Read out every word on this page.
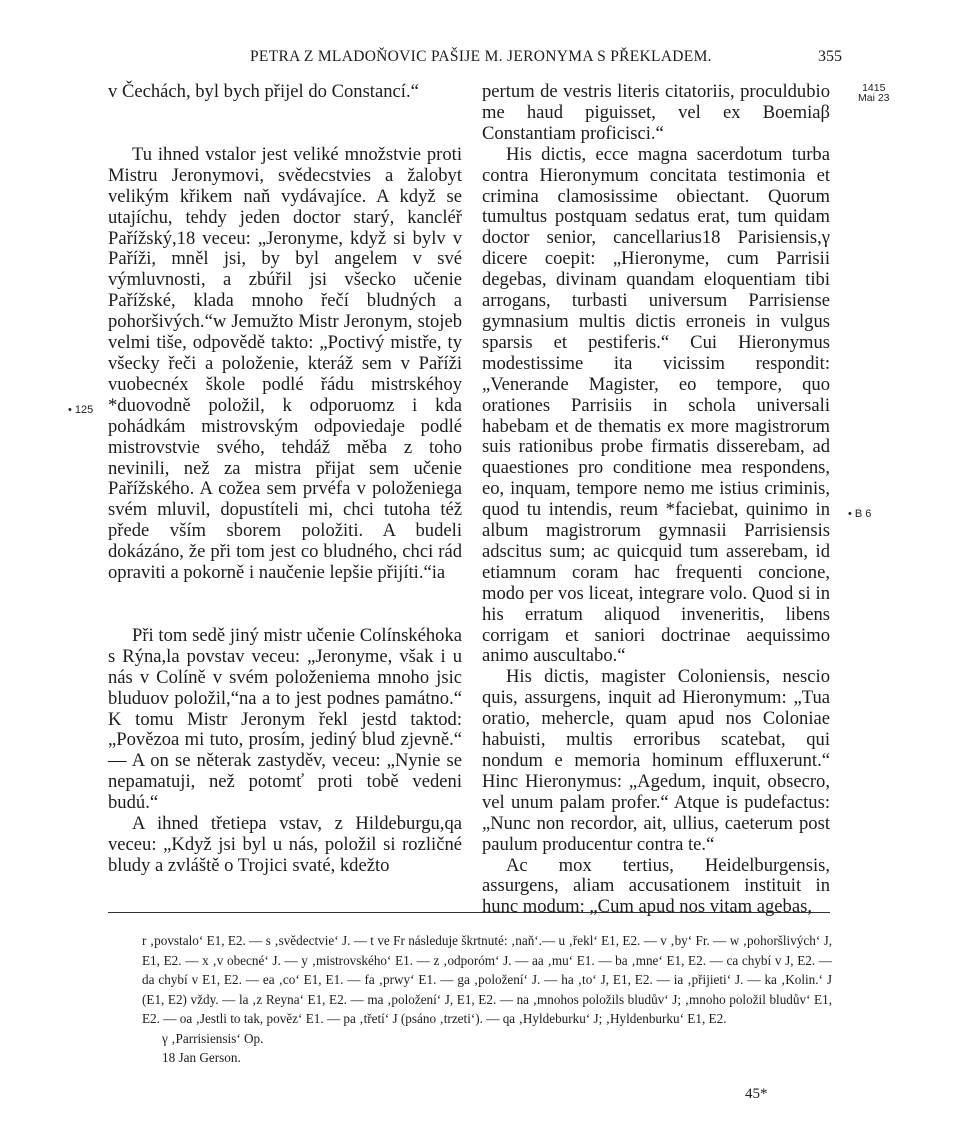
PETRA Z MLADOŇOVIC PAŠIJE M. JERONYMA S PŘEKLADEM.	355
1415
Mai 23
• 125
• B 6

v Čechách, byl bych přijel do Constancí.“

Tu ihned vstalor jest veliké množstvie proti Mistru Jeronymovi, svědecstvies a žalobyt velikým křikem naň vydávajíce. A když se utajíchu, tehdy jeden doctor starý, kancléř Pařížský,18 veceu: „Jeronyme, když si bylv v Paříži, mněl jsi, by byl angelem v své výmluvnosti, a zbúřil jsi všecko učenie Pařížské, klada mnoho řečí bludných a pohoršivých.“w Jemužto Mistr Jeronym, stojeb velmi tiše, odpovědě takto: „Poctivý mistře, ty všecky řeči a položenie, kteráž sem v Paříži vuobecnéx škole podlé řádu mistrskéhoy *duovodně položil, k odporuomz i kda pohádkám mistrovským odpoviedaje podlé mistrovstvie svého, tehdáž měba z toho nevinili, než za mistra přijat sem učenie Pařížského. A cožea sem prvéfa v položeniega svém mluvil, dopustíteli mi, chci tutoha též přede vším sborem položiti. A budeli dokázáno, že při tom jest co bludného, chci rád opraviti a pokorně i naučenie lepšie přijíti.“ia

Při tom sedě jiný mistr učenie Colínskéhoka s Rýna,la povstav veceu: „Jeronyme, však i u nás v Colíně v svém položeniema mnoho jsic bluduov položil,“na a to jest podnes památno.“ K tomu Mistr Jeronym řekl jestd taktod: „Povězoa mi tuto, prosím, jediný blud zjevně.“ — A on se něterak zastyděv, veceu: „Nynie se nepamatuji, než potomť proti tobě vedeni budú.“

A ihned třetiepa vstav, z Hildeburgu,qa veceu: „Když jsi byl u nás, položil si rozličné bludy a zvláště o Trojici svaté, kdežto

pertum de vestris literis citatoriis, proculdubio me haud piguisset, vel ex Boemiaβ Constantiam proficisci.“

His dictis, ecce magna sacerdotum turba contra Hieronymum concitata testimonia et crimina clamosissime obiectant. Quorum tumultus postquam sedatus erat, tum quidam doctor senior, cancellarius18 Parisiensis,γ dicere coepit: „Hieronyme, cum Parrisii degebas, divinam quandam eloquentiam tibi arrogans, turbasti universum Parrisiense gymnasium multis dictis erroneis in vulgus sparsis et pestiferis.“ Cui Hieronymus modestissime ita vicissim respondit: „Venerande Magister, eo tempore, quo orationes Parrisiis in schola universali habebam et de thematis ex more magistrorum suis rationibus probe firmatis disserebam, ad quaestiones pro conditione mea respondens, eo, inquam, tempore nemo me istius criminis, quod tu intendis, reum *faciebat, quinimo in album magistrorum gymnasii Parrisiensis adscitus sum; ac quicquid tum asserebam, id etiamnum coram hac frequenti concione, modo per vos liceat, integrare volo. Quod si in his erratum aliquod inveneritis, libens corrigam et saniori doctrinae aequissimo animo auscultabo.“

His dictis, magister Coloniensis, nescio quis, assurgens, inquit ad Hieronymum: „Tua oratio, mehercle, quam apud nos Coloniae habuisti, multis erroribus scatebat, qui nondum e memoria hominum effluxerunt.“ Hinc Hieronymus: „Agedum, inquit, obsecro, vel unum palam profer.“ Atque is pudefactus: „Nunc non recordor, ait, ullius, caeterum post paulum producentur contra te.“

Ac mox tertius, Heidelburgensis, assurgens, aliam accusationem instituit in hunc modum: „Cum apud nos vitam agebas,

r ‚povstalo‘ E1, E2. — s ‚svědectvie‘ J. — t ve Fr následuje škrtnuté: ‚naň‘.— u ‚řekl‘ E1, E2. — v ‚by‘ Fr. — w ‚pohoršlivých‘ J, E1, E2. — x ‚v obecné‘ J. — y ‚mistrovského‘ E1. — z ‚odporóm‘ J. — aa ‚mu‘ E1. — ba ‚mne‘ E1, E2. — ca chybí v J, E2. — da chybí v E1, E2. — ea ‚co‘ E1, E1. — fa ‚prwy‘ E1. — ga ‚položení‘ J. — ha ‚to‘ J, E1, E2. — ia ‚přijieti‘ J. — ka ‚Kolin.‘ J (E1, E2) vždy. — la ‚z Reyna‘ E1, E2. — ma ‚položení‘ J, E1, E2. — na ‚mnohos položils bludův‘ J; ‚mnoho položil bludův‘ E1, E2. — oa ‚Jestli to tak, pověz‘ E1. — pa ‚třetí‘ J (psáno ‚trzeti‘). — qa ‚Hyldeburku‘ J; ‚Hyldenburku‘ E1, E2.

γ ‚Parrisiensis‘ Op.

18 Jan Gerson.

45*
